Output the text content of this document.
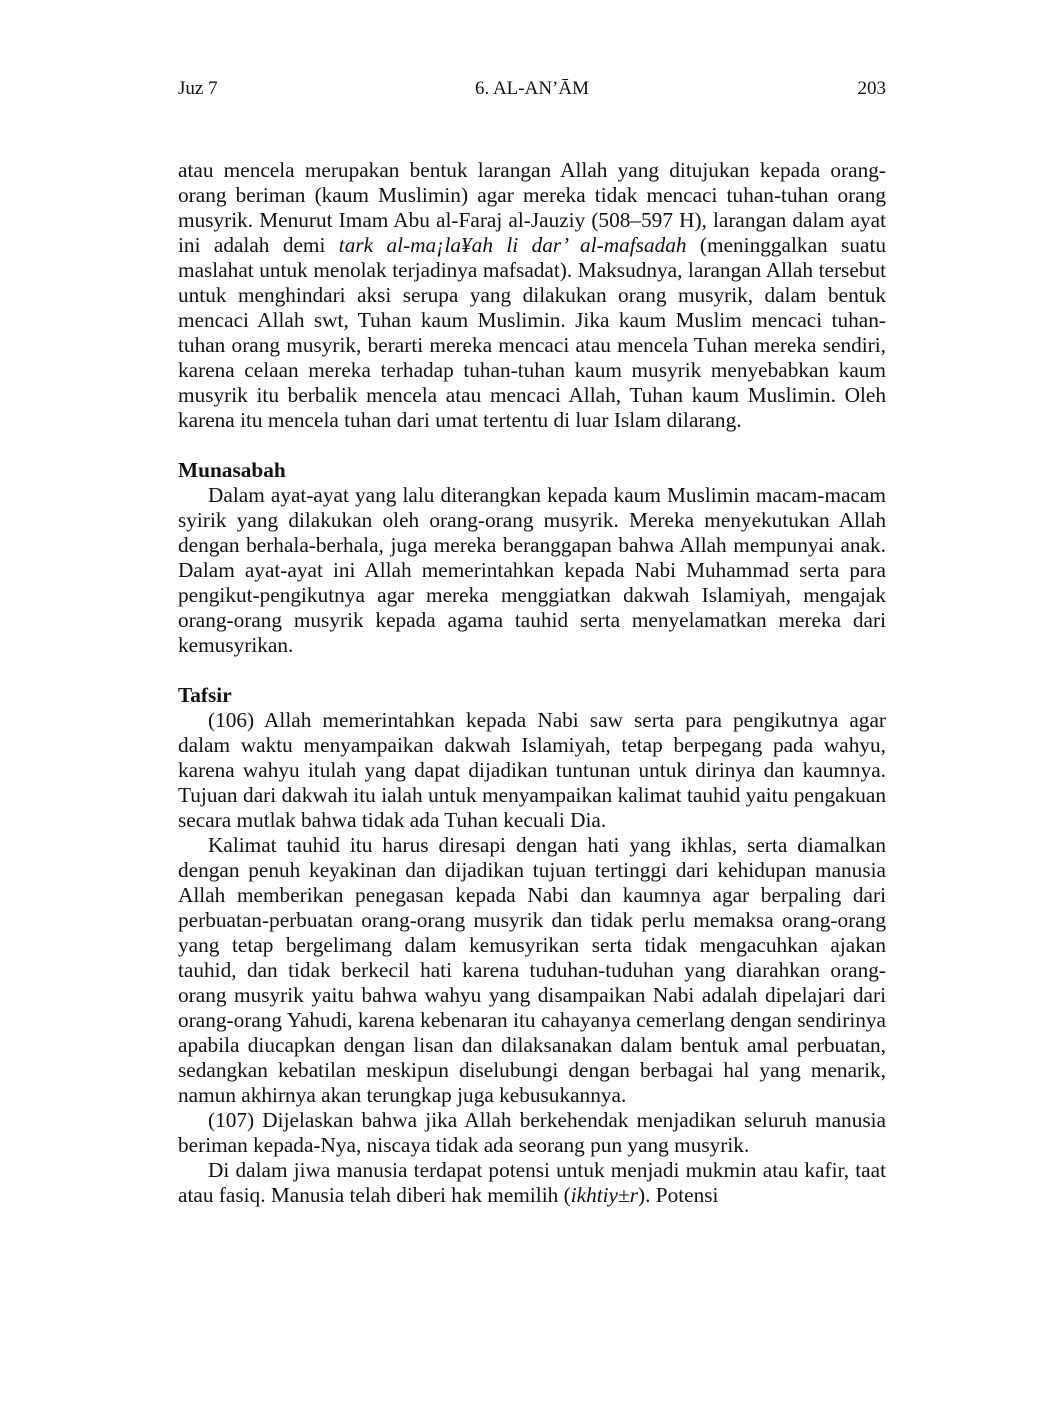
Juz 7	6. AL-AN’ĀM	203

atau mencela merupakan bentuk larangan Allah yang ditujukan kepada orang-orang beriman (kaum Muslimin) agar mereka tidak mencaci tuhan-tuhan orang musyrik. Menurut Imam Abu al-Faraj al-Jauziy (508–597 H), larangan dalam ayat ini adalah demi tark al-ma¡la¥ah li dar’ al-mafsadah (meninggalkan suatu maslahat untuk menolak terjadinya mafsadat). Maksudnya, larangan Allah tersebut untuk menghindari aksi serupa yang dilakukan orang musyrik, dalam bentuk mencaci Allah swt, Tuhan kaum Muslimin. Jika kaum Muslim mencaci tuhan-tuhan orang musyrik, berarti mereka mencaci atau mencela Tuhan mereka sendiri, karena celaan mereka terhadap tuhan-tuhan kaum musyrik menyebabkan kaum musyrik itu berbalik mencela atau mencaci Allah, Tuhan kaum Muslimin. Oleh karena itu mencela tuhan dari umat tertentu di luar Islam dilarang.

Munasabah

Dalam ayat-ayat yang lalu diterangkan kepada kaum Muslimin macam-macam syirik yang dilakukan oleh orang-orang musyrik. Mereka menyekutukan Allah dengan berhala-berhala, juga mereka beranggapan bahwa Allah mempunyai anak. Dalam ayat-ayat ini Allah memerintahkan kepada Nabi Muhammad serta para pengikut-pengikutnya agar mereka menggiatkan dakwah Islamiyah, mengajak orang-orang musyrik kepada agama tauhid serta menyelamatkan mereka dari kemusyrikan.

Tafsir

(106) Allah memerintahkan kepada Nabi saw serta para pengikutnya agar dalam waktu menyampaikan dakwah Islamiyah, tetap berpegang pada wahyu, karena wahyu itulah yang dapat dijadikan tuntunan untuk dirinya dan kaumnya. Tujuan dari dakwah itu ialah untuk menyampaikan kalimat tauhid yaitu pengakuan secara mutlak bahwa tidak ada Tuhan kecuali Dia.

Kalimat tauhid itu harus diresapi dengan hati yang ikhlas, serta diamalkan dengan penuh keyakinan dan dijadikan tujuan tertinggi dari kehidupan manusia Allah memberikan penegasan kepada Nabi dan kaumnya agar berpaling dari perbuatan-perbuatan orang-orang musyrik dan tidak perlu memaksa orang-orang yang tetap bergelimang dalam kemusyrikan serta tidak mengacuhkan ajakan tauhid, dan tidak berkecil hati karena tuduhan-tuduhan yang diarahkan orang-orang musyrik yaitu bahwa wahyu yang disampaikan Nabi adalah dipelajari dari orang-orang Yahudi, karena kebenaran itu cahayanya cemerlang dengan sendirinya apabila diucapkan dengan lisan dan dilaksanakan dalam bentuk amal perbuatan, sedangkan kebatilan meskipun diselubungi dengan berbagai hal yang menarik, namun akhirnya akan terungkap juga kebusukannya.

(107) Dijelaskan bahwa jika Allah berkehendak menjadikan seluruh manusia beriman kepada-Nya, niscaya tidak ada seorang pun yang musyrik.

Di dalam jiwa manusia terdapat potensi untuk menjadi mukmin atau kafir, taat atau fasiq. Manusia telah diberi hak memilih (ikhtiy±r). Potensi
